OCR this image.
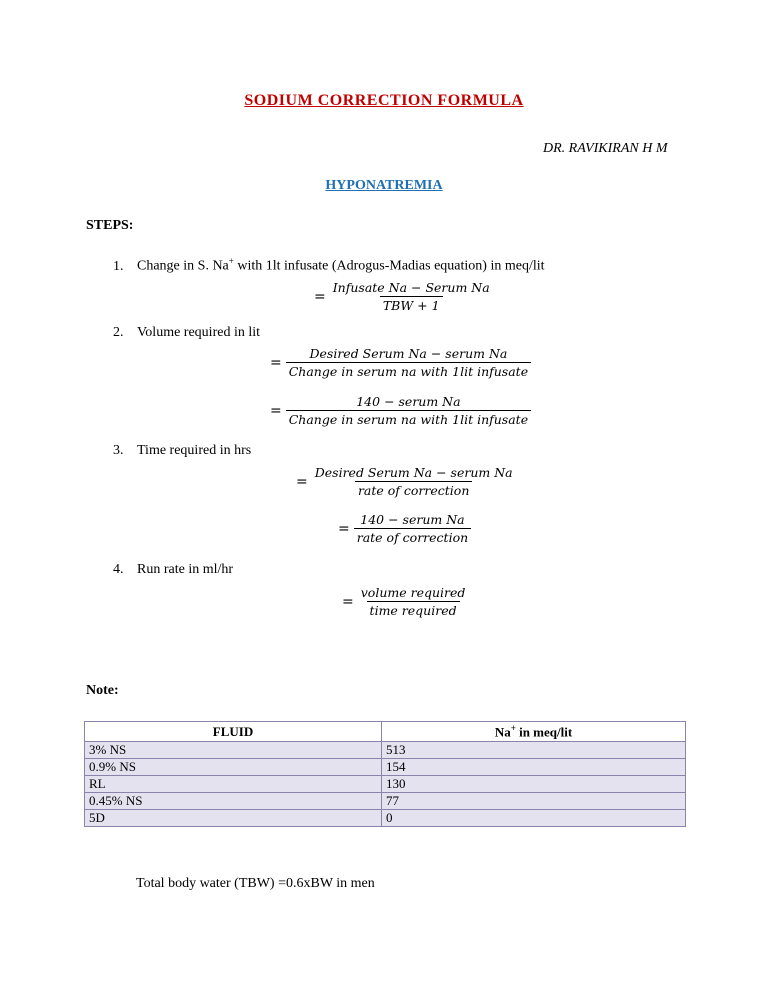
SODIUM CORRECTION FORMULA
DR. RAVIKIRAN H M
HYPONATREMIA
STEPS:
1. Change in S. Na+ with 1lt infusate (Adrogus-Madias equation) in meq/lit
=
Infusate Na − Serum Na
TBW + 1
2. Volume required in lit
=
Desired Serum Na − serum Na
Change in serum na with 1lit infusate
=
140 − serum Na
Change in serum na with 1lit infusate
3. Time required in hrs
=
Desired Serum Na − serum Na
rate of correction
=
140 − serum Na
rate of correction
4. Run rate in ml/hr
=
volume required
time required
Note:
FLUID	Na+ in meq/lit
3% NS	513
0.9% NS	154
RL	130
0.45% NS	77
5D	0
Total body water (TBW) =0.6xBW in men
